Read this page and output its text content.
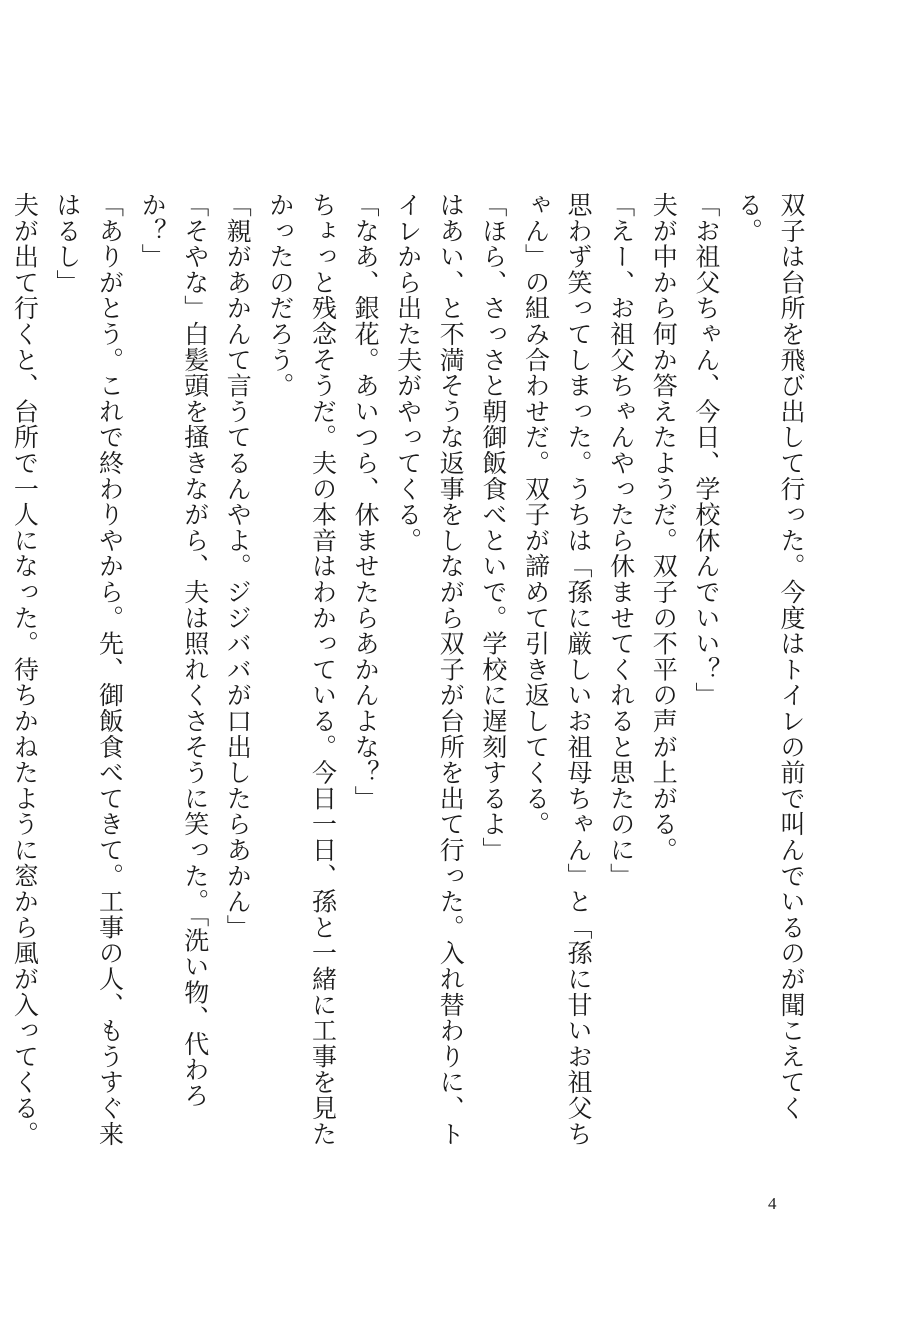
双子は台所を飛び出して行った。今度はトイレの前で叫んでいるのが聞こえてくる。

「お祖父ちゃん、今日、学校休んでいい？」

夫が中から何か答えたようだ。双子の不平の声が上がる。

「えー、お祖父ちゃんやったら休ませてくれると思たのに」

思わず笑ってしまった。うちは「孫に厳しいお祖母ちゃん」と「孫に甘いお祖父ちゃん」の組み合わせだ。双子が諦めて引き返してくる。

「ほら、さっさと朝御飯食べといで。学校に遅刻するよ」

はあい、と不満そうな返事をしながら双子が台所を出て行った。入れ替わりに、トイレから出た夫がやってくる。

「なあ、銀花。あいつら、休ませたらあかんよな？」

ちょっと残念そうだ。夫の本音はわかっている。今日一日、孫と一緒に工事を見たかったのだろう。

「親があかんて言うてるんやよ。ジジババが口出したらあかん」

「そやな」白髪頭を掻きながら、夫は照れくさそうに笑った。「洗い物、代わろか？」

「ありがとう。これで終わりやから。先、御飯食べてきて。工事の人、もうすぐ来はるし」

夫が出て行くと、台所で一人になった。待ちかねたように窓から風が入ってくる。

4
